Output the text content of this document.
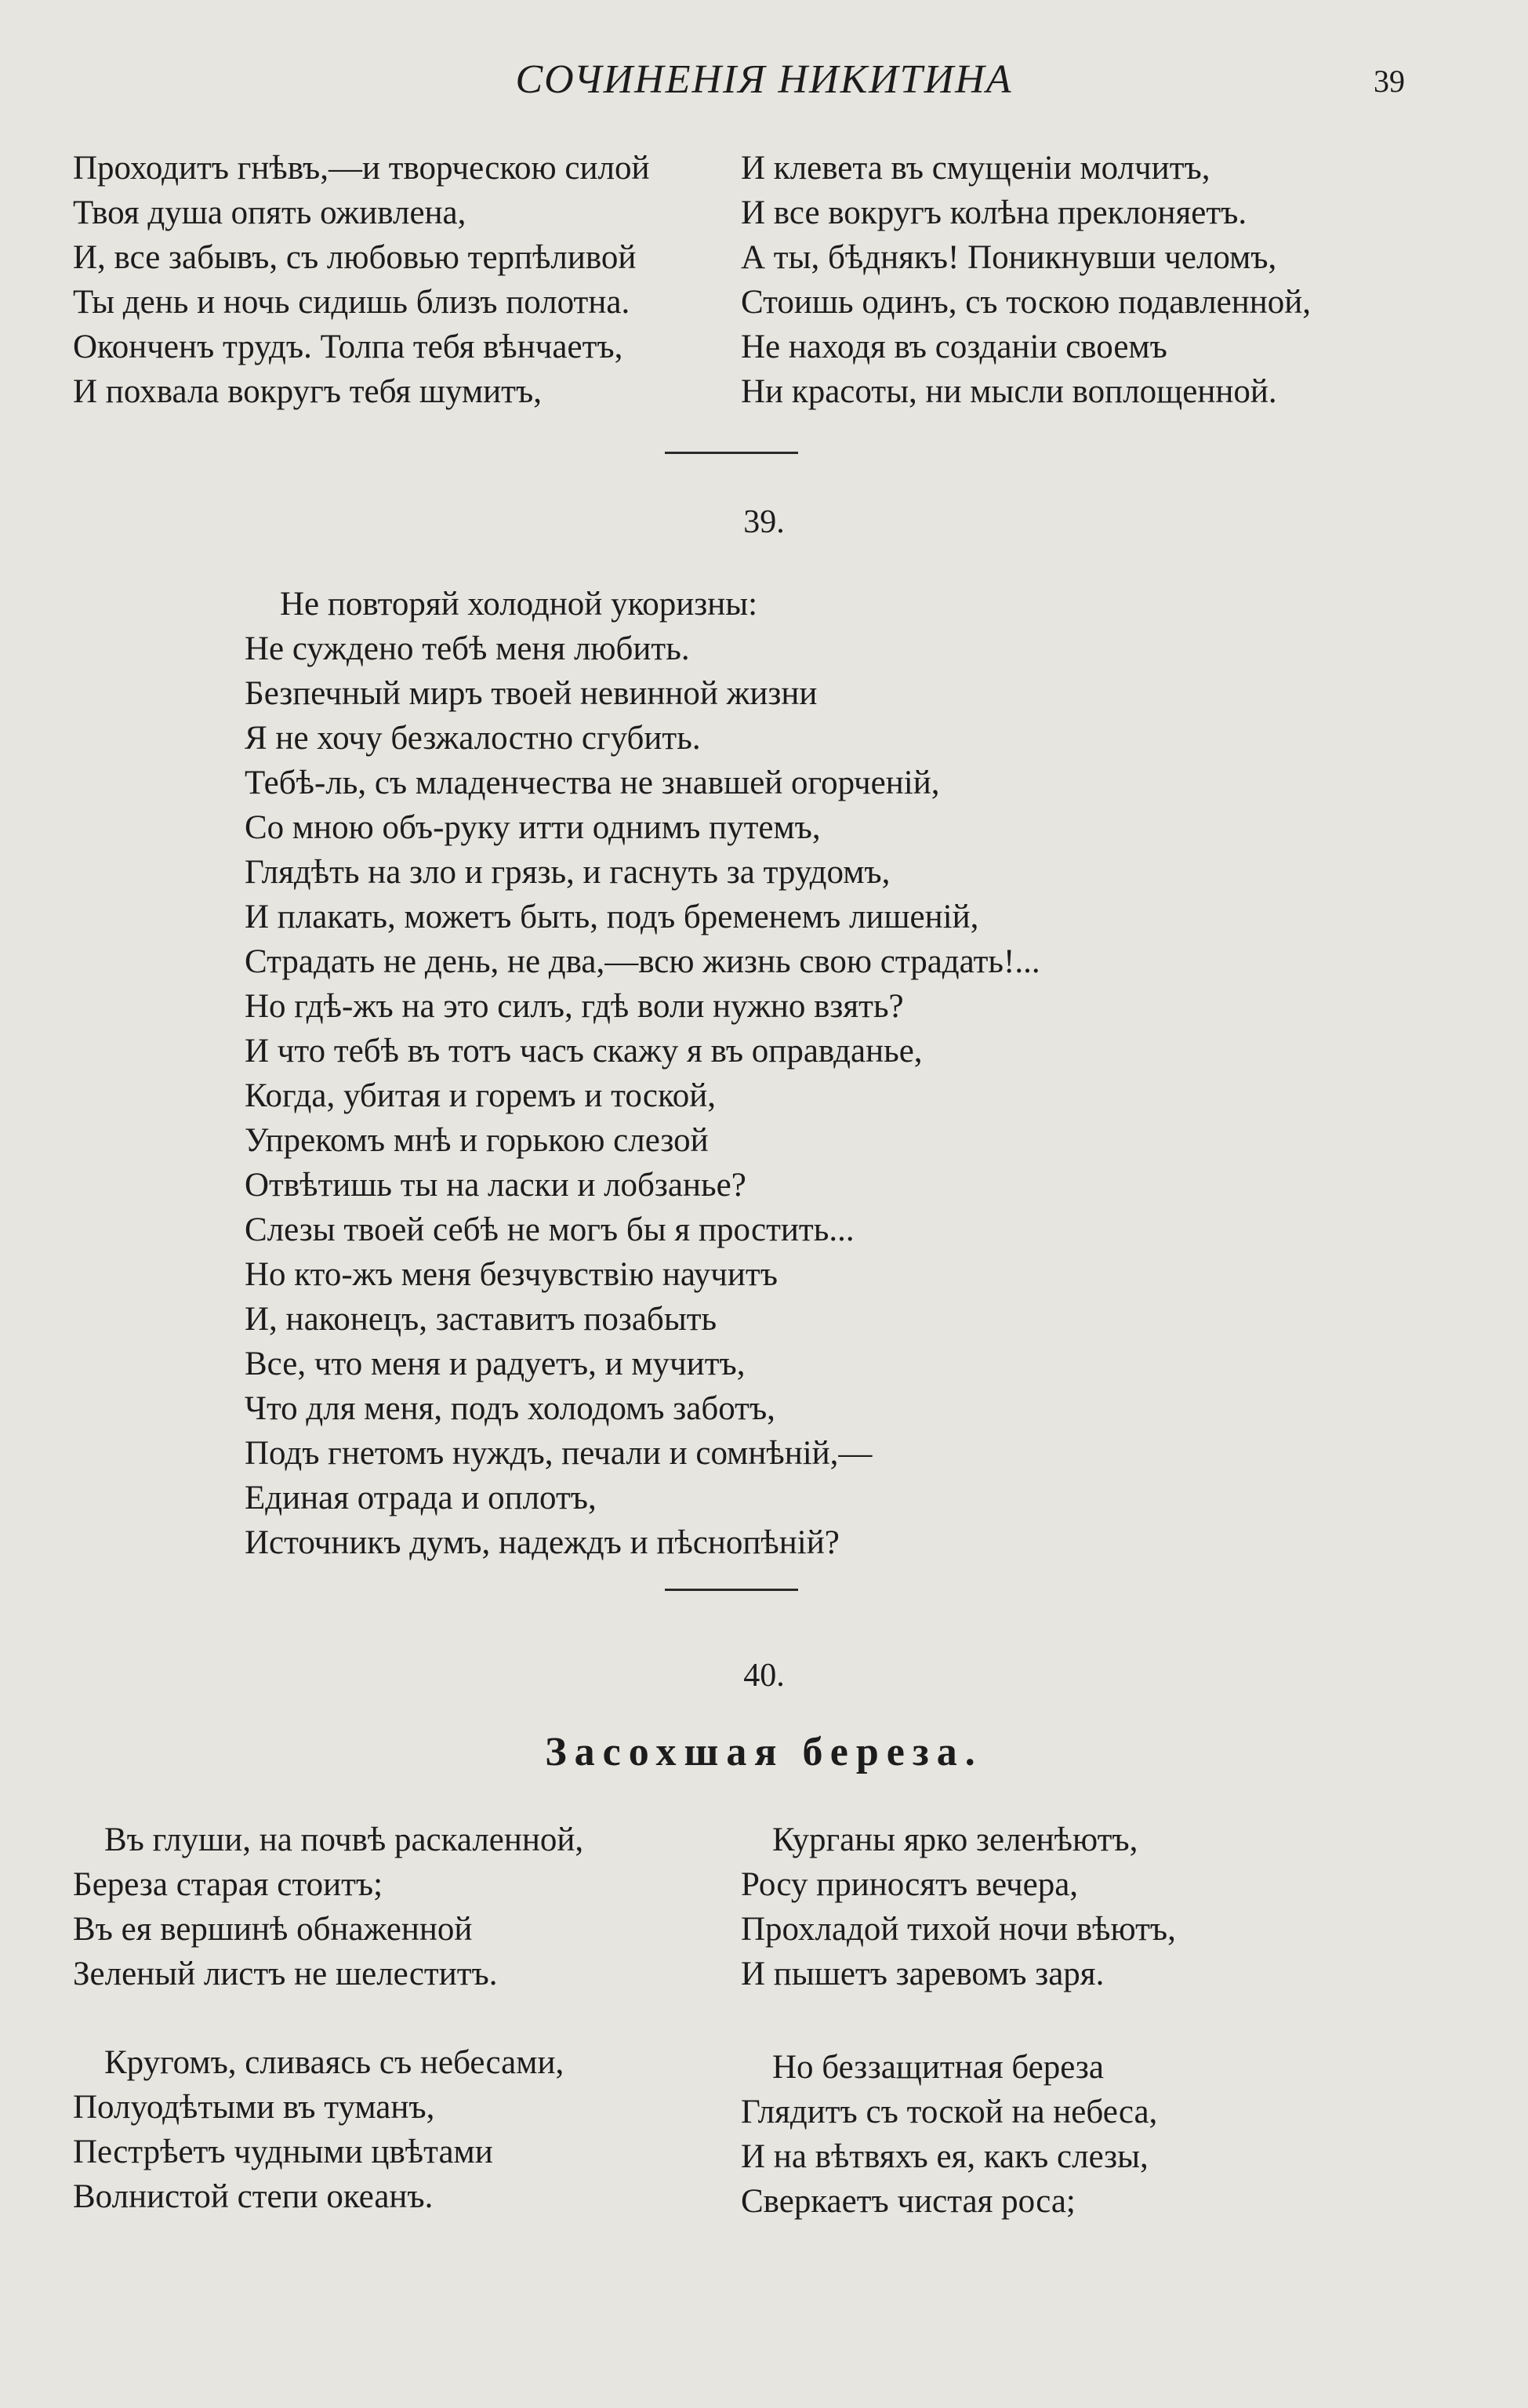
СОЧИНЕНІЯ НИКИТИНА	39
Проходитъ гнѣвъ,—и творческою силой
Твоя душа опять оживлена,
И, все забывъ, съ любовью терпѣливой
Ты день и ночь сидишь близъ полотна.
Оконченъ трудъ. Толпа тебя вѣнчаетъ,
И похвала вокругъ тебя шумитъ,
И клевета въ смущеніи молчитъ,
И все вокругъ колѣна преклоняетъ.
А ты, бѣднякъ! Поникнувши челомъ,
Стоишь одинъ, съ тоскою подавленной,
Не находя въ созданіи своемъ
Ни красоты, ни мысли воплощенной.
39.
Не повторяй холодной укоризны:
Не суждено тебѣ меня любить.
Безпечный миръ твоей невинной жизни
Я не хочу безжалостно сгубить.
Тебѣ-ль, съ младенчества не знавшей огорченій,
Со мною объ-руку итти однимъ путемъ,
Глядѣть на зло и грязь, и гаснуть за трудомъ,
И плакать, можетъ быть, подъ бременемъ лишеній,
Страдать не день, не два,—всю жизнь свою страдать!...
Но гдѣ-жъ на это силъ, гдѣ воли нужно взять?
И что тебѣ въ тотъ часъ скажу я въ оправданье,
Когда, убитая и горемъ и тоской,
Упрекомъ мнѣ и горькою слезой
Отвѣтишь ты на ласки и лобзанье?
Слезы твоей себѣ не могъ бы я простить...
Но кто-жъ меня безчувствію научитъ
И, наконецъ, заставитъ позабыть
Все, что меня и радуетъ, и мучитъ,
Что для меня, подъ холодомъ заботъ,
Подъ гнетомъ нуждъ, печали и сомнѣній,—
Единая отрада и оплотъ,
Источникъ думъ, надеждъ и пѣснопѣній?
40.
Засохшая береза.
Въ глуши, на почвѣ раскаленной,
Береза старая стоитъ;
Въ ея вершинѣ обнаженной
Зеленый листъ не шелеститъ.
Кругомъ, сливаясь съ небесами,
Полуодѣтыми въ туманъ,
Пестрѣетъ чудными цвѣтами
Волнистой степи океанъ.
Курганы ярко зеленѣютъ,
Росу приносятъ вечера,
Прохладой тихой ночи вѣютъ,
И пышетъ заревомъ заря.
Но беззащитная береза
Глядитъ съ тоской на небеса,
И на вѣтвяхъ ея, какъ слезы,
Сверкаетъ чистая роса;
